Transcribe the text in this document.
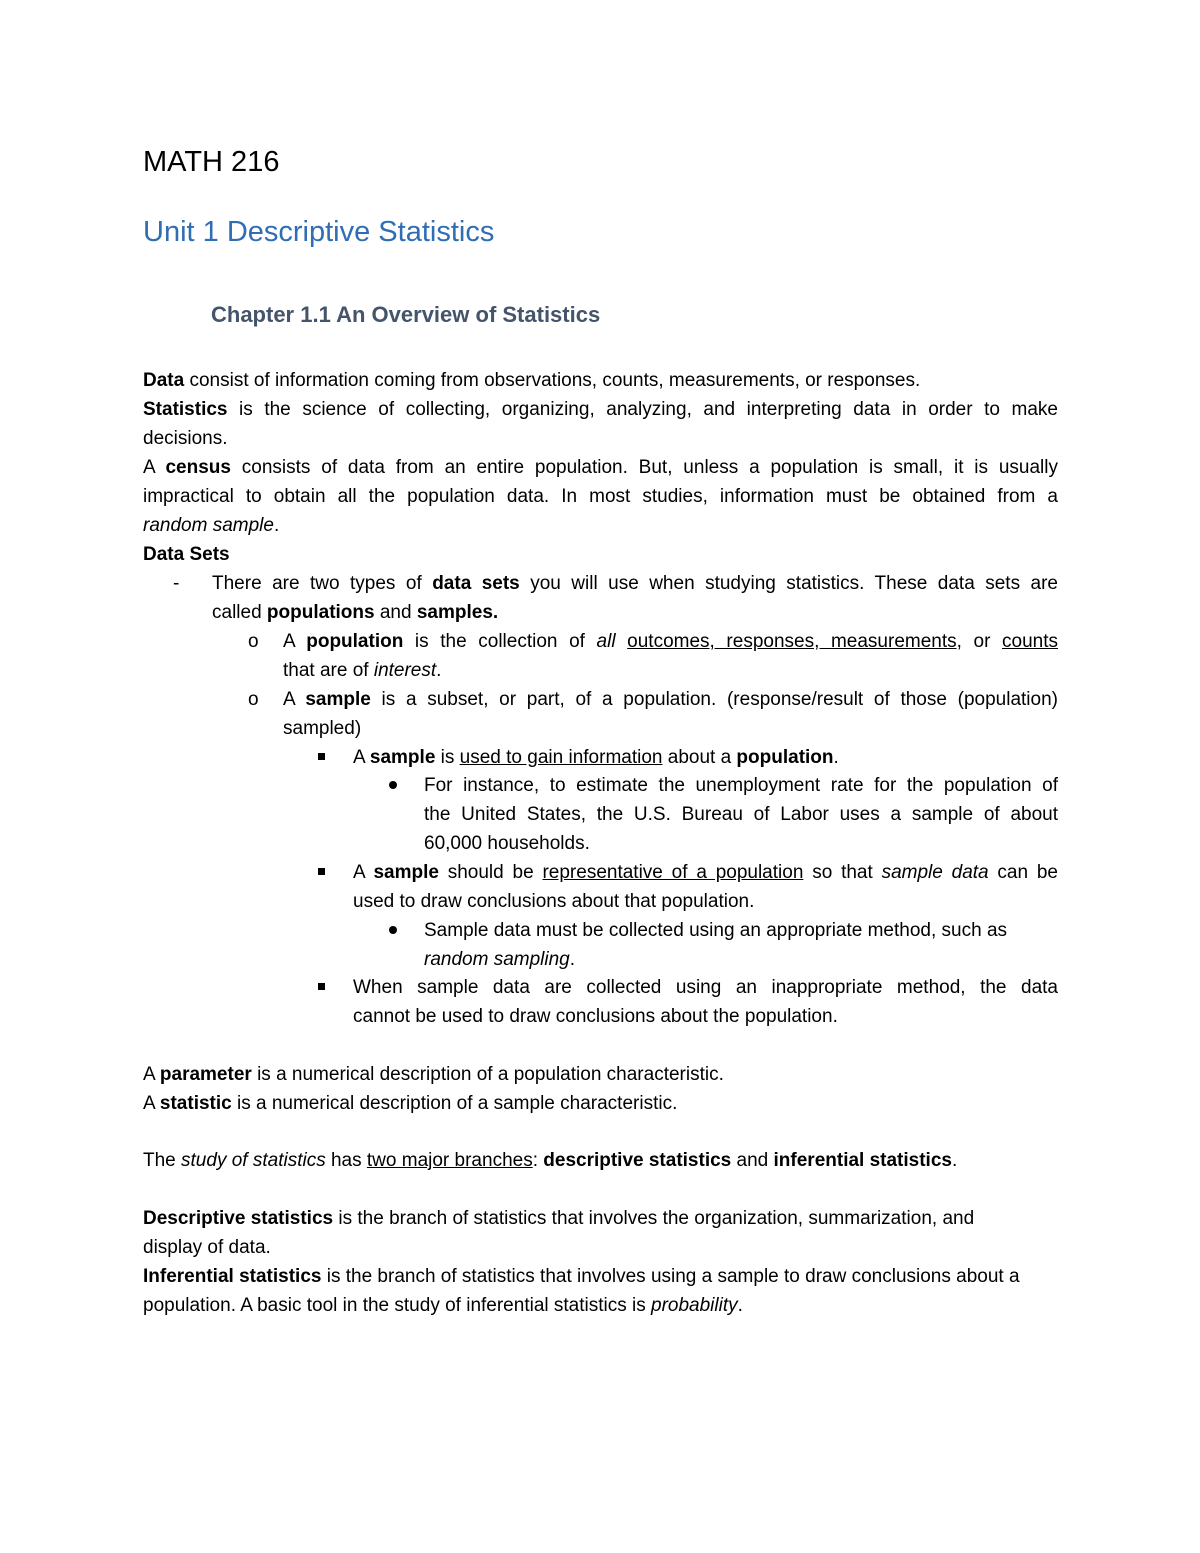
MATH 216
Unit 1 Descriptive Statistics
Chapter 1.1 An Overview of Statistics
Data consist of information coming from observations, counts, measurements, or responses.
Statistics is the science of collecting, organizing, analyzing, and interpreting data in order to make
decisions.
A census consists of data from an entire population. But, unless a population is small, it is usually
impractical to obtain all the population data. In most studies, information must be obtained from a
random sample.
Data Sets
- There are two types of data sets you will use when studying statistics. These data sets are
called populations and samples.
o A population is the collection of all outcomes, responses, measurements, or counts
that are of interest.
o A sample is a subset, or part, of a population. (response/result of those (population)
sampled)
A sample is used to gain information about a population.
For instance, to estimate the unemployment rate for the population of
the United States, the U.S. Bureau of Labor uses a sample of about
60,000 households.
A sample should be representative of a population so that sample data can be
used to draw conclusions about that population.
Sample data must be collected using an appropriate method, such as
random sampling.
When sample data are collected using an inappropriate method, the data
cannot be used to draw conclusions about the population.
A parameter is a numerical description of a population characteristic.
A statistic is a numerical description of a sample characteristic.
The study of statistics has two major branches: descriptive statistics and inferential statistics.
Descriptive statistics is the branch of statistics that involves the organization, summarization, and
display of data.
Inferential statistics is the branch of statistics that involves using a sample to draw conclusions about a
population. A basic tool in the study of inferential statistics is probability.
